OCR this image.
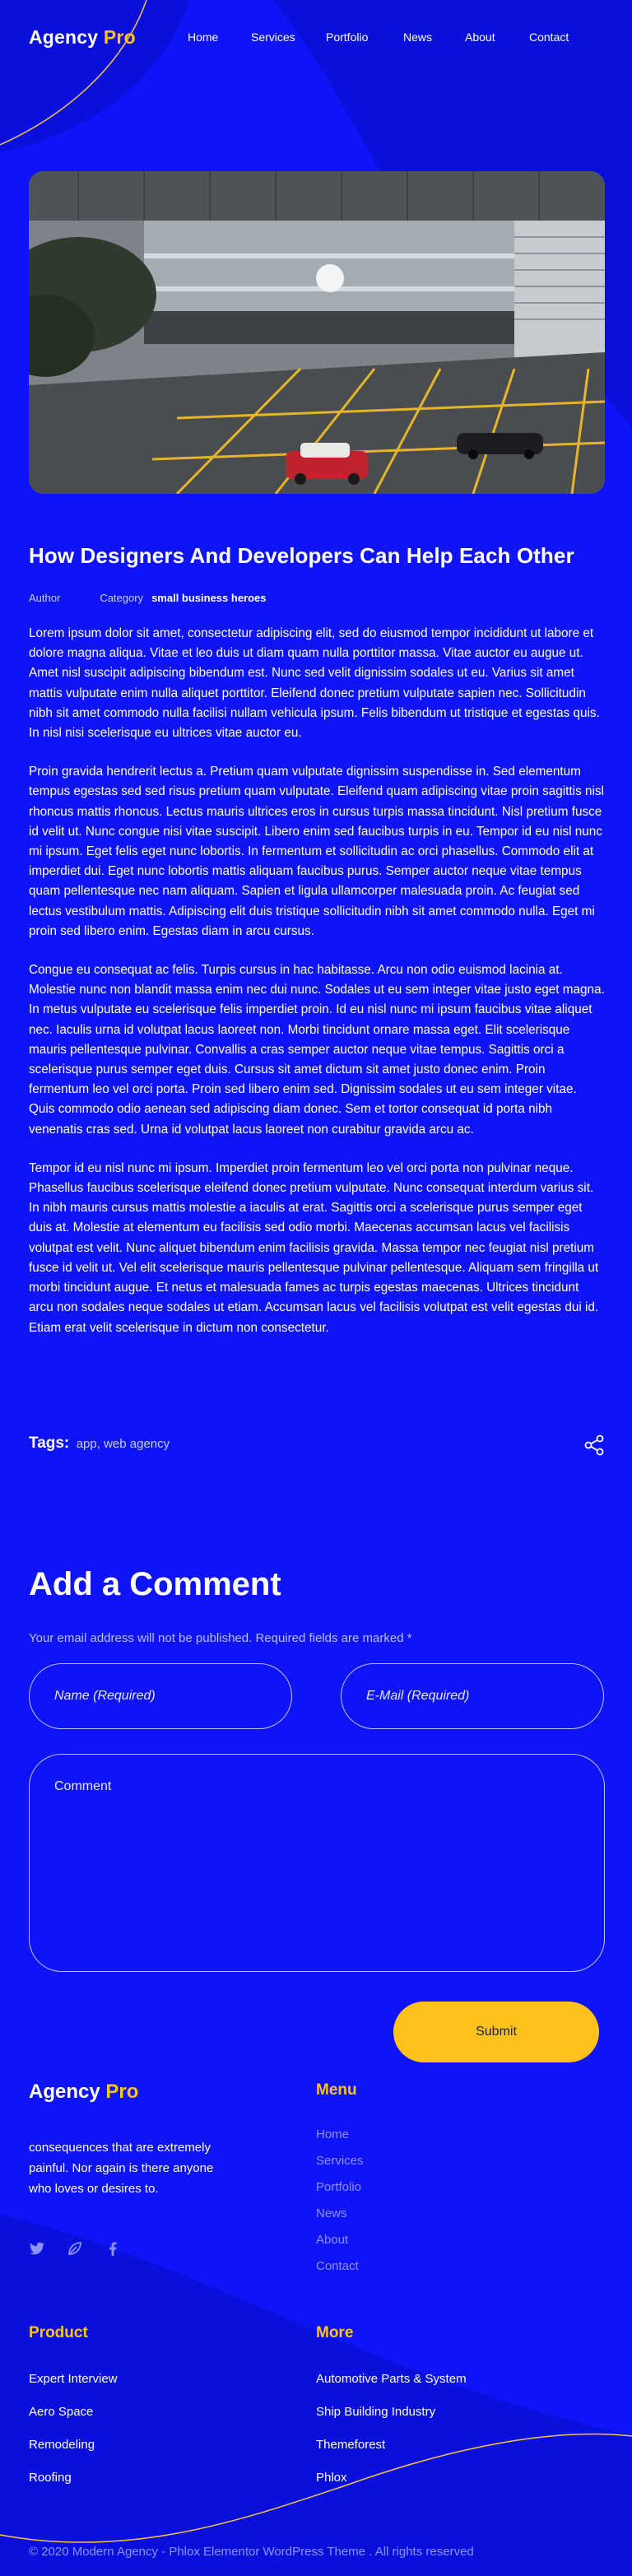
Agency Pro	Home	Services	Portfolio	News	About	Contact
How Designers And Developers Can Help Each Other
Author	Category small business heroes

Lorem ipsum dolor sit amet, consectetur adipiscing elit, sed do eiusmod tempor incididunt ut labore et dolore magna aliqua. Vitae et leo duis ut diam quam nulla porttitor massa. Vitae auctor eu augue ut. Amet nisl suscipit adipiscing bibendum est. Nunc sed velit dignissim sodales ut eu. Varius sit amet mattis vulputate enim nulla aliquet porttitor. Eleifend donec pretium vulputate sapien nec. Sollicitudin nibh sit amet commodo nulla facilisi nullam vehicula ipsum. Felis bibendum ut tristique et egestas quis. In nisl nisi scelerisque eu ultrices vitae auctor eu.

Proin gravida hendrerit lectus a. Pretium quam vulputate dignissim suspendisse in. Sed elementum tempus egestas sed sed risus pretium quam vulputate. Eleifend quam adipiscing vitae proin sagittis nisl rhoncus mattis rhoncus. Lectus mauris ultrices eros in cursus turpis massa tincidunt. Nisl pretium fusce id velit ut. Nunc congue nisi vitae suscipit. Libero enim sed faucibus turpis in eu. Tempor id eu nisl nunc mi ipsum. Eget felis eget nunc lobortis. In fermentum et sollicitudin ac orci phasellus. Commodo elit at imperdiet dui. Eget nunc lobortis mattis aliquam faucibus purus. Semper auctor neque vitae tempus quam pellentesque nec nam aliquam. Sapien et ligula ullamcorper malesuada proin. Ac feugiat sed lectus vestibulum mattis. Adipiscing elit duis tristique sollicitudin nibh sit amet commodo nulla. Eget mi proin sed libero enim. Egestas diam in arcu cursus.

Congue eu consequat ac felis. Turpis cursus in hac habitasse. Arcu non odio euismod lacinia at. Molestie nunc non blandit massa enim nec dui nunc. Sodales ut eu sem integer vitae justo eget magna. In metus vulputate eu scelerisque felis imperdiet proin. Id eu nisl nunc mi ipsum faucibus vitae aliquet nec. Iaculis urna id volutpat lacus laoreet non. Morbi tincidunt ornare massa eget. Elit scelerisque mauris pellentesque pulvinar. Convallis a cras semper auctor neque vitae tempus. Sagittis orci a scelerisque purus semper eget duis. Cursus sit amet dictum sit amet justo donec enim. Proin fermentum leo vel orci porta. Proin sed libero enim sed. Dignissim sodales ut eu sem integer vitae. Quis commodo odio aenean sed adipiscing diam donec. Sem et tortor consequat id porta nibh venenatis cras sed. Urna id volutpat lacus laoreet non curabitur gravida arcu ac.

Tempor id eu nisl nunc mi ipsum. Imperdiet proin fermentum leo vel orci porta non pulvinar neque. Phasellus faucibus scelerisque eleifend donec pretium vulputate. Nunc consequat interdum varius sit. In nibh mauris cursus mattis molestie a iaculis at erat. Sagittis orci a scelerisque purus semper eget duis at. Molestie at elementum eu facilisis sed odio morbi. Maecenas accumsan lacus vel facilisis volutpat est velit. Nunc aliquet bibendum enim facilisis gravida. Massa tempor nec feugiat nisl pretium fusce id velit ut. Vel elit scelerisque mauris pellentesque pulvinar pellentesque. Aliquam sem fringilla ut morbi tincidunt augue. Et netus et malesuada fames ac turpis egestas maecenas. Ultrices tincidunt arcu non sodales neque sodales ut etiam. Accumsan lacus vel facilisis volutpat est velit egestas dui id. Etiam erat velit scelerisque in dictum non consectetur.

Tags: app, web agency
Add a Comment
Your email address will not be published. Required fields are marked *
Name (Required)
E-Mail (Required)
Comment
Submit
Agency Pro

consequences that are extremely painful. Nor again is there anyone who loves or desires to.

Menu
Home
Services
Portfolio
News
About
Contact
Product
Expert Interview
Aero Space
Remodeling
Roofing
More
Automotive Parts & System
Ship Building Industry
Themeforest
Phlox
© 2020 Modern Agency - Phlox Elementor WordPress Theme . All rights reserved
